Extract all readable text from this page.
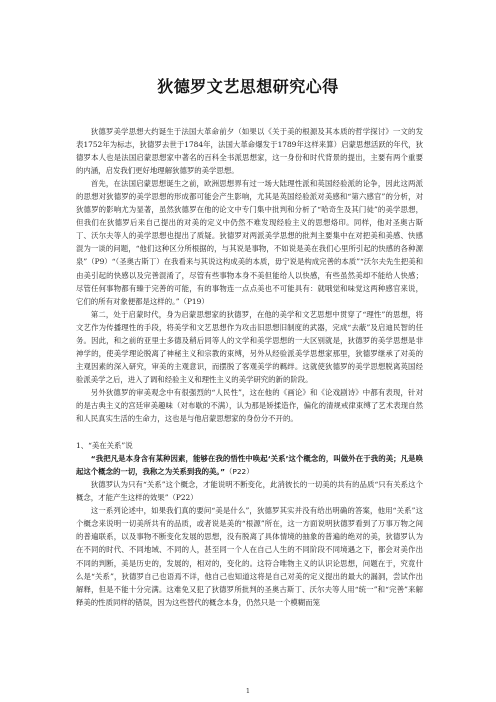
狄德罗文艺思想研究心得

狄德罗美学思想大约诞生于法国大革命前夕（如果以《关于美的根源及其本质的哲学探讨》一文的发表1752年为标志，狄德罗去世于1784年，法国大革命爆发于1789年这样来算）启蒙思想活跃的年代，狄德罗本人也是法国启蒙思想家中著名的百科全书派思想家，这一身份和时代背景的提出，主要有两个重要的内涵，启发我们更好地理解狄德罗的美学思想。

首先，在法国启蒙思想诞生之前，欧洲思想界有过一场大陆理性派和英国经验派的论争，因此这两派的思想对狄德罗的美学思想的形成都可能会产生影响，尤其是英国经验派对美感和“第六感官”的分析，对狄德罗的影响尤为显著，虽然狄德罗在他的论文中专门集中批判和分析了“哈奇生及其门徒”的美学思想，但我们在狄德罗后来自己提出的对美的定义中仍然不难发现经验主义的思想烙印。同样，他对圣奥古斯丁、沃尔夫等人的美学思想也提出了质疑。狄德罗对两派美学思想的批判主要集中在对把美和美感、快感混为一谈的问题，“他们这种区分所根据的，与其说是事物，不如说是美在我们心里所引起的快感的各种源泉”（P9）“（圣奥古斯丁）在我看来与其说这构成美的本质，毋宁说是构成完善的本质”“沃尔夫先生把美和由美引起的快感以及完善混淆了，尽管有些事物本身不美但能给人以快感，有些虽然美却不能给人快感；尽管任何事物都有臻于完善的可能，有的事物连一点点美也不可能具有：就哦觉和味觉这两种感官来说，它们的所有对象便都是这样的。”（P19）

第二，处于启蒙时代，身为启蒙思想家的狄德罗，在他的美学和文艺思想中贯穿了“理性”的思想，将文艺作为传播理性的手段，将美学和文艺思想作为攻击旧思想旧制度的武器，完成“去蔽”及启迪民智的任务。因此，和之前的亚里士多德及稍后同等人的文学和美学思想的一大区别就是，狄德罗的美学思想是非神学的，使美学理论脱离了神秘主义和宗教的束缚，另外从经验派美学思想家那里，狄德罗继承了对美的主观因素的深入研究，审美的主观意识，而摆脱了客观美学的羁绊。这就使狄德罗的美学思想脱离英国经验派美学之后，进入了调和经验主义和理性主义的美学研究的新的阶段。

另外狄德罗的审美观念中有很强烈的“人民性”，这在他的《画论》和《论戏剧诗》中都有表现，针对的是古典主义的宫廷审美趣味（对布歇的不满），认为那是矫揉造作，偏化的清规戒律束缚了艺术表现自然和人民真实生活的生命力，这也是与他启蒙思想家的身份分不开的。

1、“美在关系”说

“我把凡是本身含有某种因素，能够在我的悟性中唤起‘关系’这个概念的，叫做外在于我的美；凡是唤起这个概念的一切，我称之为关系到我的美。”（P22）

狄德罗认为只有“关系”这个概念，才能说明不断变化，此消彼长的一切美的共有的品质“只有关系这个概念，才能产生这样的效果”（P22）

这一系列论述中，如果我们真的要问“美是什么”，狄德罗其实并没有给出明确的答案，他用“关系”这个概念来说明一切美所共有的品质，或者说是美的“根源”所在，这一方面说明狄德罗看到了万事万物之间的普遍联系，以及事物不断变化发展的思想，没有脱离了具体情境的抽象的普遍的绝对的美，狄德罗认为在不同的时代、不同地域、不同的人，甚至同一个人在自己人生的不同阶段不同境遇之下，都会对美作出不同的判断，美是历史的，发展的，相对的，变化的。这符合唯物主义的认识论思想，问题在于，究竟什么是“关系”，狄德罗自己也语焉不详，他自己也知道这将是自己对美的定义提出的最大的漏洞，尝试作出解释，但是不能十分完满。这难免又犯了狄德罗所批判的圣奥古斯丁、沃尔夫等人用“统一”和“完善”来解释美的性质同样的错误，因为这些替代的概念本身，仍然只是一个模糊而笼

1
